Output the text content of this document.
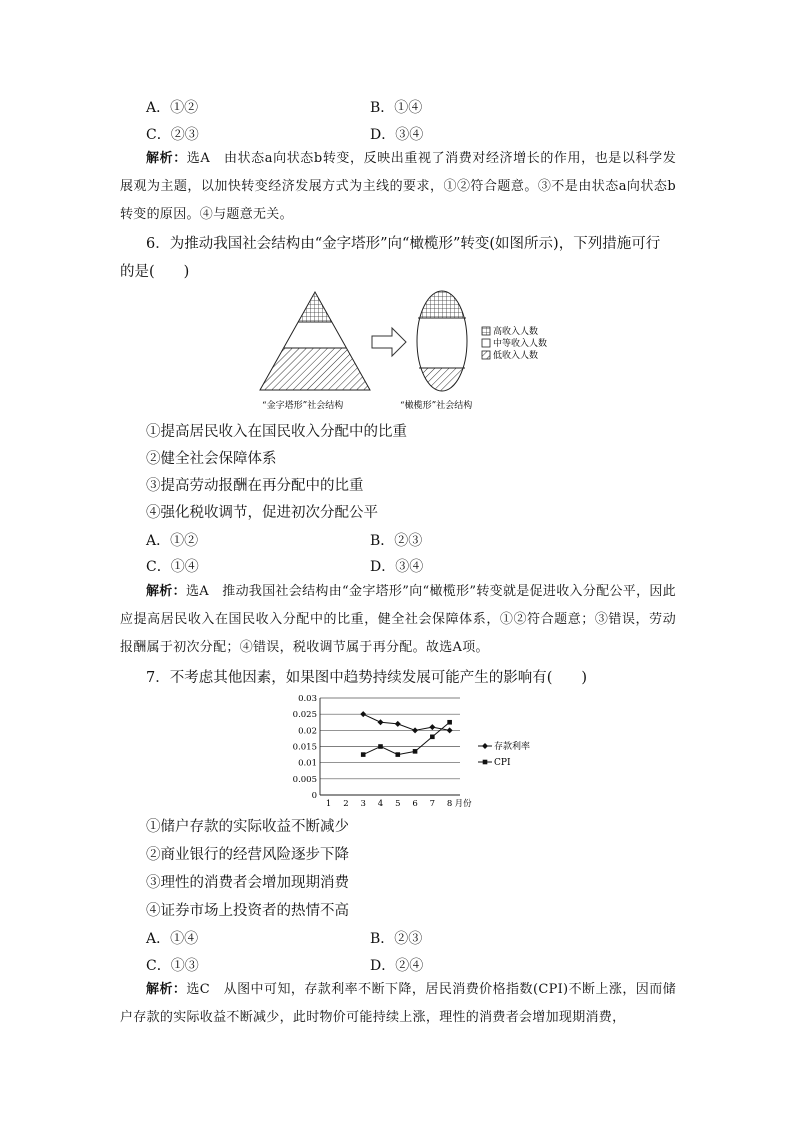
A．①②	B．①④
C．②③	D．③④
解析：选A　 由状态a向状态b转变，反映出重视了消费对经济增长的作用，也是以科学发展观为主题，以加快转变经济发展方式为主线的要求，①②符合题意。③不是由状态a向状态b转变的原因。④与题意无关。
6．为推动我国社会结构由“金字塔形”向“橄榄形”转变(如图所示)，下列措施可行
的是(　　)
高收入人数
中等收入人数
低收入人数
“金字塔形”社会结构	“橄榄形”社会结构
①提高居民收入在国民收入分配中的比重
②健全社会保障体系
③提高劳动报酬在再分配中的比重
④强化税收调节，促进初次分配公平
A．①②	B．②③
C．①④	D．③④
解析：选A　 推动我国社会结构由“金字塔形”向“橄榄形”转变就是促进收入分配公平，因此应提高居民收入在国民收入分配中的比重，健全社会保障体系，①②符合题意；③错误，劳动报酬属于初次分配；④错误，税收调节属于再分配。故选A项。
7．不考虑其他因素，如果图中趋势持续发展可能产生的影响有(　　)
0
0.005
0.01
0.015
0.02
0.025
0.03
1 2 3 4 5 6 7 8 月份
存款利率
CPI
①储户存款的实际收益不断减少
②商业银行的经营风险逐步下降
③理性的消费者会增加现期消费
④证券市场上投资者的热情不高
A．①④	B．②③
C．①③	D．②④
解析：选C　 从图中可知，存款利率不断下降，居民消费价格指数(CPI)不断上涨，因而储户存款的实际收益不断减少，此时物价可能持续上涨，理性的消费者会增加现期消费，
